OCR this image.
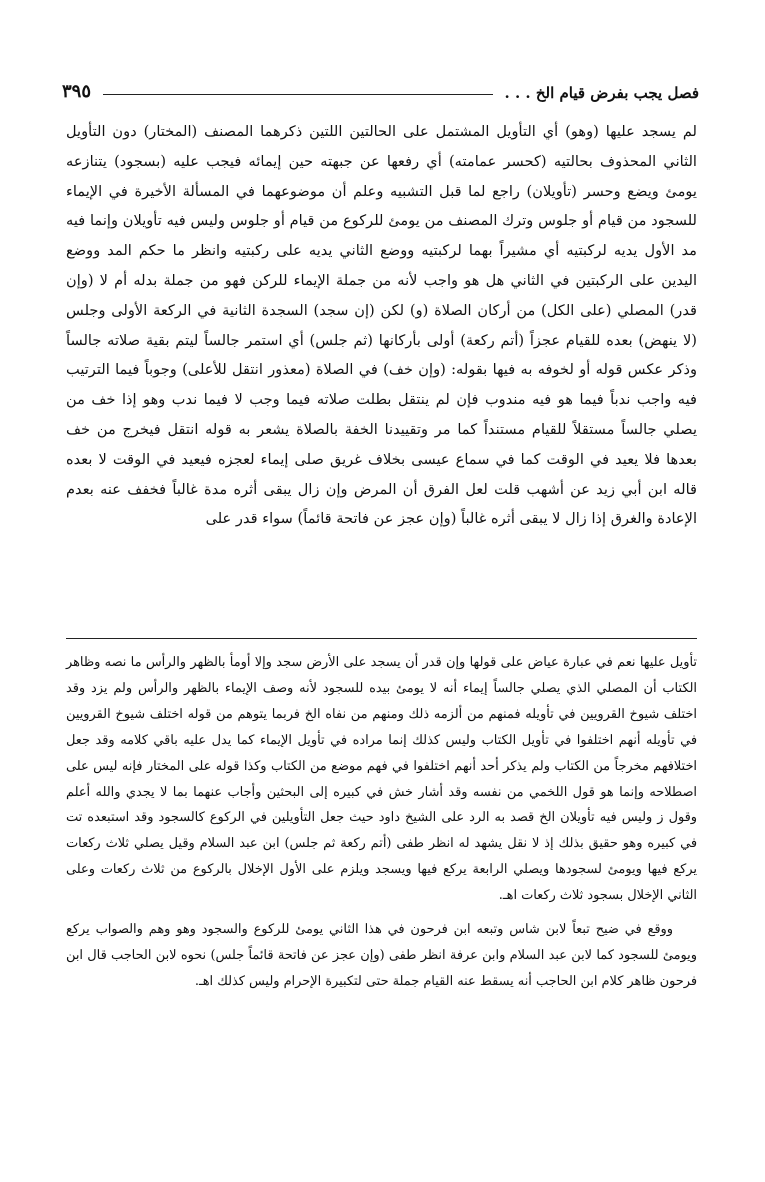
فصل يجب بفرض قيام الخ . . .
٣٩٥

لم يسجد عليها (وهو) أي التأويل المشتمل على الحالتين اللتين ذكرهما المصنف (المختار) دون التأويل الثاني المحذوف بحالتيه (كحسر عمامته) أي رفعها عن جبهته حين إيمائه فيجب عليه (بسجود) يتنازعه يومئ ويضع وحسر (تأويلان) راجع لما قبل التشبيه وعلم أن موضوعهما في المسألة الأخيرة في الإيماء للسجود من قيام أو جلوس وترك المصنف من يومئ للركوع من قيام أو جلوس وليس فيه تأويلان وإنما فيه مد الأول يديه لركبتيه أي مشيراً بهما لركبتيه ووضع الثاني يديه على ركبتيه وانظر ما حكم المد ووضع اليدين على الركبتين في الثاني هل هو واجب لأنه من جملة الإيماء للركن فهو من جملة بدله أم لا (وإن قدر) المصلي (على الكل) من أركان الصلاة (و) لكن (إن سجد) السجدة الثانية في الركعة الأولى وجلس (لا ينهض) بعده للقيام عجزاً (أتم ركعة) أولى بأركانها (ثم جلس) أي استمر جالساً ليتم بقية صلاته جالساً وذكر عكس قوله أو لخوفه به فيها بقوله: (وإن خف) في الصلاة (معذور انتقل للأعلى) وجوباً فيما الترتيب فيه واجب ندباً فيما هو فيه مندوب فإن لم ينتقل بطلت صلاته فيما وجب لا فيما ندب وهو إذا خف من يصلي جالساً مستقلاً للقيام مستنداً كما مر وتقييدنا الخفة بالصلاة يشعر به قوله انتقل فيخرج من خف بعدها فلا يعيد في الوقت كما في سماع عيسى بخلاف غريق صلى إيماء لعجزه فيعيد في الوقت لا بعده قاله ابن أبي زيد عن أشهب قلت لعل الفرق أن المرض وإن زال يبقى أثره مدة غالباً فخفف عنه بعدم الإعادة والغرق إذا زال لا يبقى أثره غالباً (وإن عجز عن فاتحة قائماً) سواء قدر على

تأويل عليها نعم في عبارة عياض على قولها وإن قدر أن يسجد على الأرض سجد وإلا أومأ بالظهر والرأس ما نصه وظاهر الكتاب أن المصلي الذي يصلي جالساً إيماء أنه لا يومئ بيده للسجود لأنه وصف الإيماء بالظهر والرأس ولم يزد وقد اختلف شيوخ القرويين في تأويله فمنهم من ألزمه ذلك ومنهم من نفاه الخ فربما يتوهم من قوله اختلف شيوخ القرويين في تأويله أنهم اختلفوا في تأويل الكتاب وليس كذلك إنما مراده في تأويل الإيماء كما يدل عليه باقي كلامه وقد جعل اختلافهم مخرجاً من الكتاب ولم يذكر أحد أنهم اختلفوا في فهم موضع من الكتاب وكذا قوله على المختار فإنه ليس على اصطلاحه وإنما هو قول اللخمي من نفسه وقد أشار خش في كبيره إلى البحثين وأجاب عنهما بما لا يجدي والله أعلم وقول ز وليس فيه تأويلان الخ قصد به الرد على الشيخ داود حيث جعل التأويلين في الركوع كالسجود وقد استبعده تت في كبيره وهو حقيق بذلك إذ لا نقل يشهد له انظر طفى (أتم ركعة ثم جلس) ابن عبد السلام وقيل يصلي ثلاث ركعات يركع فيها ويومئ لسجودها ويصلي الرابعة يركع فيها ويسجد ويلزم على الأول الإخلال بالركوع من ثلاث ركعات وعلى الثاني الإخلال بسجود ثلاث ركعات اهـ.

ووقع في ضيح تبعاً لابن شاس وتبعه ابن فرحون في هذا الثاني يومئ للركوع والسجود وهو وهم والصواب يركع ويومئ للسجود كما لابن عبد السلام وابن عرفة انظر طفى (وإن عجز عن فاتحة قائماً جلس) نحوه لابن الحاجب قال ابن فرحون ظاهر كلام ابن الحاجب أنه يسقط عنه القيام جملة حتى لتكبيرة الإحرام وليس كذلك اهـ.
